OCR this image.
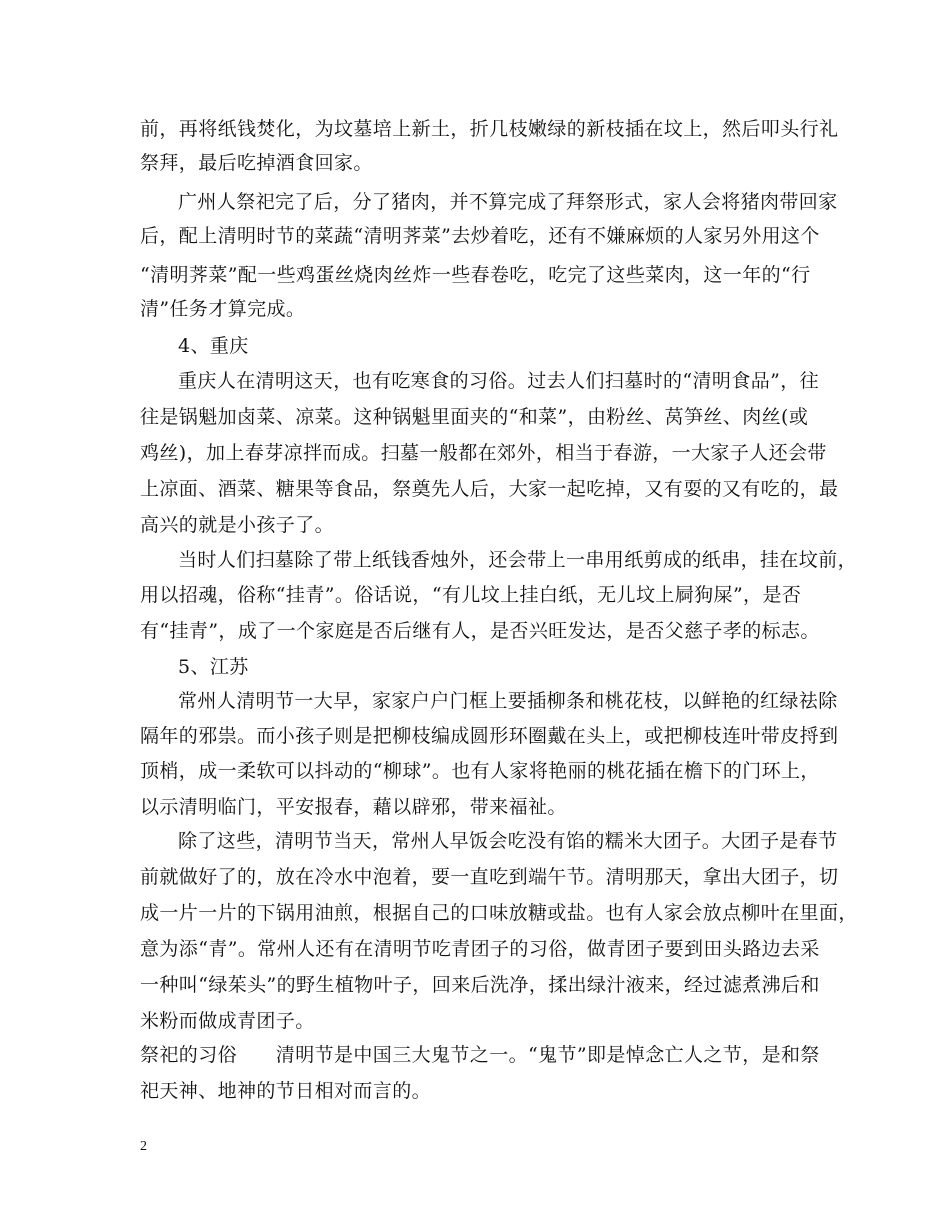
前，再将纸钱焚化，为坟墓培上新土，折几枝嫩绿的新枝插在坟上，然后叩头行礼
祭拜，最后吃掉酒食回家。
广州人祭祀完了后，分了猪肉，并不算完成了拜祭形式，家人会将猪肉带回家
后，配上清明时节的菜蔬“清明荠菜”去炒着吃，还有不嫌麻烦的人家另外用这个
“清明荠菜”配一些鸡蛋丝烧肉丝炸一些春卷吃，吃完了这些菜肉，这一年的“行
清”任务才算完成。
4、重庆
重庆人在清明这天，也有吃寒食的习俗。过去人们扫墓时的“清明食品”，往
往是锅魁加卤菜、凉菜。这种锅魁里面夹的“和菜”，由粉丝、莴笋丝、肉丝(或
鸡丝)，加上春芽凉拌而成。扫墓一般都在郊外，相当于春游，一大家子人还会带
上凉面、酒菜、糖果等食品，祭奠先人后，大家一起吃掉，又有耍的又有吃的，最
高兴的就是小孩子了。
当时人们扫墓除了带上纸钱香烛外，还会带上一串用纸剪成的纸串，挂在坟前，
用以招魂，俗称“挂青”。俗话说，“有儿坟上挂白纸，无儿坟上屙狗屎”，是否
有“挂青”，成了一个家庭是否后继有人，是否兴旺发达，是否父慈子孝的标志。
5、江苏
常州人清明节一大早，家家户户门框上要插柳条和桃花枝，以鲜艳的红绿祛除
隔年的邪祟。而小孩子则是把柳枝编成圆形环圈戴在头上，或把柳枝连叶带皮捋到
顶梢，成一柔软可以抖动的“柳球”。也有人家将艳丽的桃花插在檐下的门环上，
以示清明临门，平安报春，藉以辟邪，带来福祉。
除了这些，清明节当天，常州人早饭会吃没有馅的糯米大团子。大团子是春节
前就做好了的，放在冷水中泡着，要一直吃到端午节。清明那天，拿出大团子，切
成一片一片的下锅用油煎，根据自己的口味放糖或盐。也有人家会放点柳叶在里面，
意为添“青”。常州人还有在清明节吃青团子的习俗，做青团子要到田头路边去采
一种叫“绿茱头”的野生植物叶子，回来后洗净，揉出绿汁液来，经过滤煮沸后和
米粉而做成青团子。
祭祀的习俗　　清明节是中国三大鬼节之一。“鬼节”即是悼念亡人之节，是和祭
祀天神、地神的节日相对而言的。
2
